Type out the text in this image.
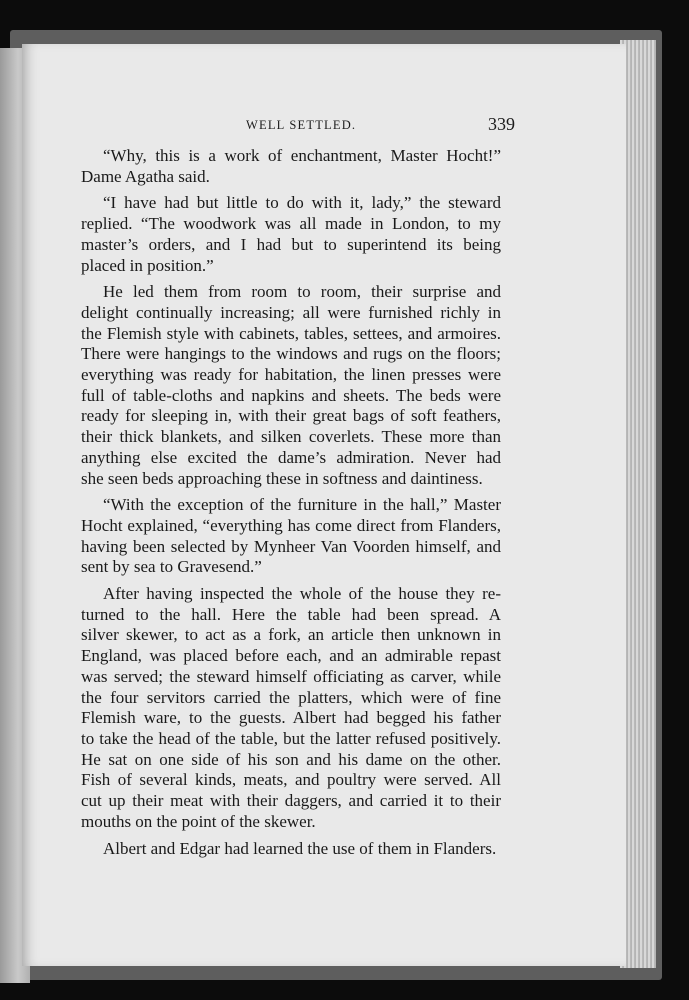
WELL SETTLED.	339

“Why, this is a work of enchantment, Master Hocht!”
Dame Agatha said.

“I have had but little to do with it, lady,” the steward
replied. “The woodwork was all made in London, to my
master’s orders, and I had but to superintend its being
placed in position.”

He led them from room to room, their surprise and
delight continually increasing; all were furnished richly in
the Flemish style with cabinets, tables, settees, and armoires.
There were hangings to the windows and rugs on the floors;
everything was ready for habitation, the linen presses were
full of table-cloths and napkins and sheets. The beds were
ready for sleeping in, with their great bags of soft feathers,
their thick blankets, and silken coverlets. These more than
anything else excited the dame’s admiration. Never had
she seen beds approaching these in softness and daintiness.

“With the exception of the furniture in the hall,” Master
Hocht explained, “everything has come direct from Flanders,
having been selected by Mynheer Van Voorden himself, and
sent by sea to Gravesend.”

After having inspected the whole of the house they re-
turned to the hall. Here the table had been spread. A
silver skewer, to act as a fork, an article then unknown in
England, was placed before each, and an admirable repast
was served; the steward himself officiating as carver, while
the four servitors carried the platters, which were of fine
Flemish ware, to the guests. Albert had begged his father
to take the head of the table, but the latter refused positively.
He sat on one side of his son and his dame on the other.
Fish of several kinds, meats, and poultry were served. All
cut up their meat with their daggers, and carried it to their
mouths on the point of the skewer.

Albert and Edgar had learned the use of them in Flanders.
